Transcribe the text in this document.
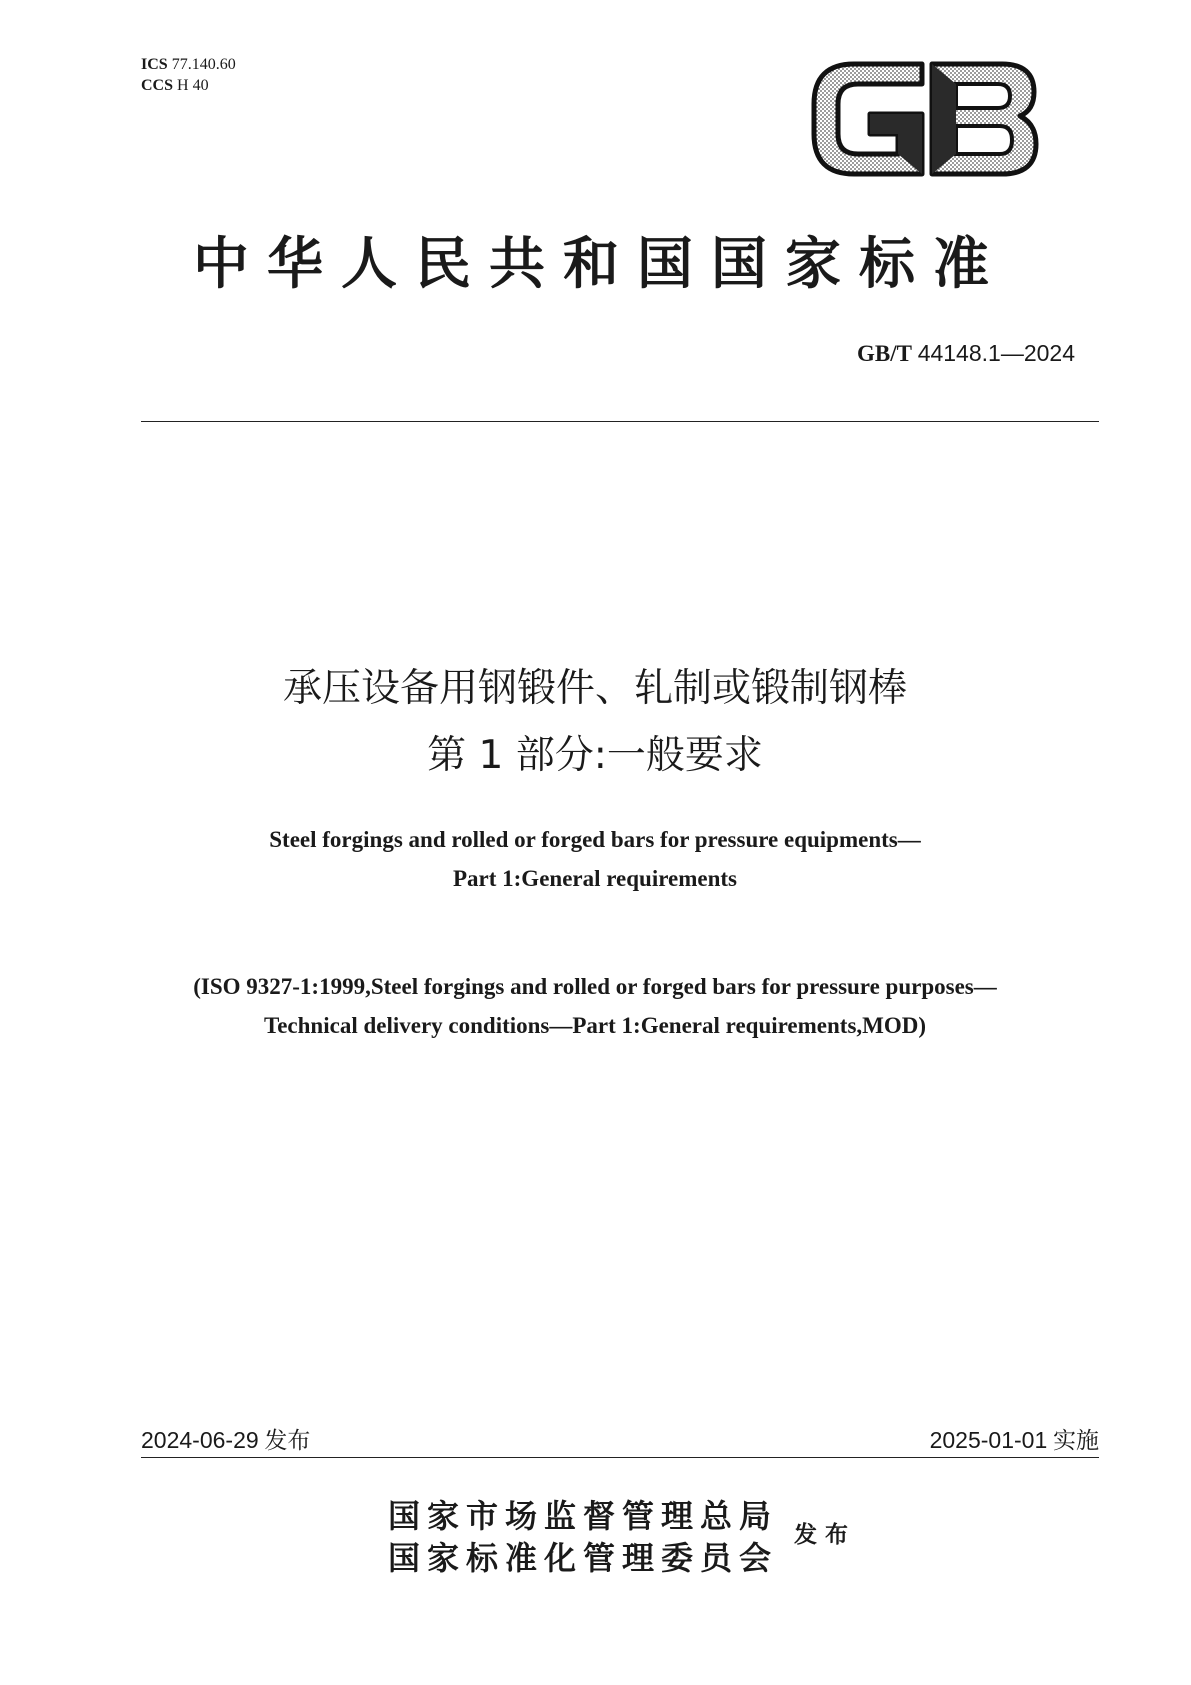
ICS 77.140.60
CCS H 40
中华人民共和国国家标准
GB/T 44148.1—2024
承压设备用钢锻件、轧制或锻制钢棒
第 1 部分:一般要求
Steel forgings and rolled or forged bars for pressure equipments—
Part 1:General requirements
(ISO 9327-1:1999,Steel forgings and rolled or forged bars for pressure purposes—
Technical delivery conditions—Part 1:General requirements,MOD)
2024-06-29 发布	2025-01-01 实施
国家市场监督管理总局
国家标准化管理委员会
发布
